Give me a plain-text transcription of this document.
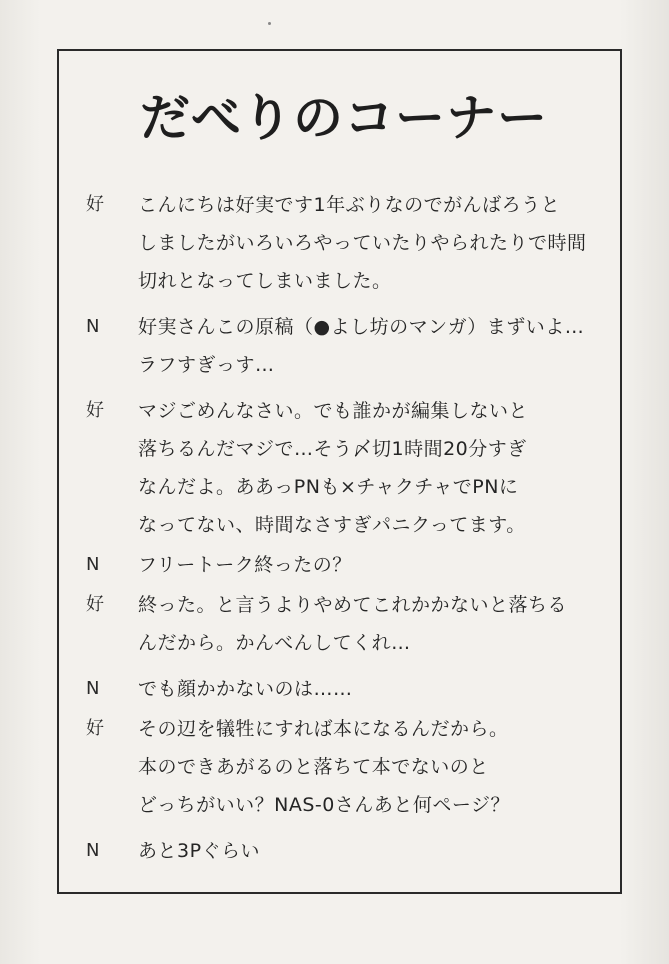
だべりのコーナー
好	こんにちは好実です1年ぶりなのでがんばろうと
しましたがいろいろやっていたりやられたりで時間
切れとなってしまいました。
N	好実さんこの原稿（●よし坊のマンガ）まずいよ…
ラフすぎっす…
好	マジごめんなさい。でも誰かが編集しないと
落ちるんだマジで…そう〆切1時間20分すぎ
なんだよ。ああっPNも×チャクチャでPNに
なってない、時間なさすぎパニクってます。
N	フリートーク終ったの？
好	終った。と言うよりやめてこれかかないと落ちる
んだから。かんべんしてくれ…
N	でも顔かかないのは……
好	その辺を犠牲にすれば本になるんだから。
本のできあがるのと落ちて本でないのと
どっちがいい？NAS-0さんあと何ページ？
N	あと3Pぐらい
